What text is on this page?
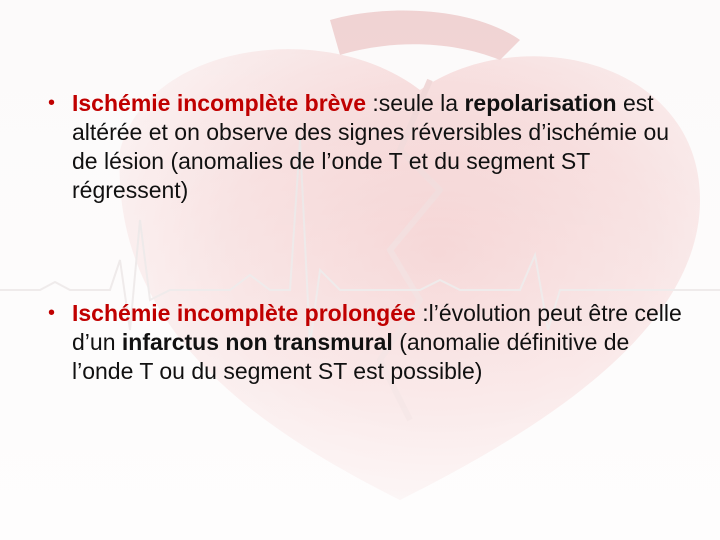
• Ischémie incomplète brève :seule la repolarisation est altérée et on observe des signes réversibles d’ischémie ou de lésion (anomalies de l’onde T et du segment ST régressent)
• Ischémie incomplète prolongée :l’évolution peut être celle d’un infarctus non transmural (anomalie définitive de l’onde T ou du segment ST est possible)
